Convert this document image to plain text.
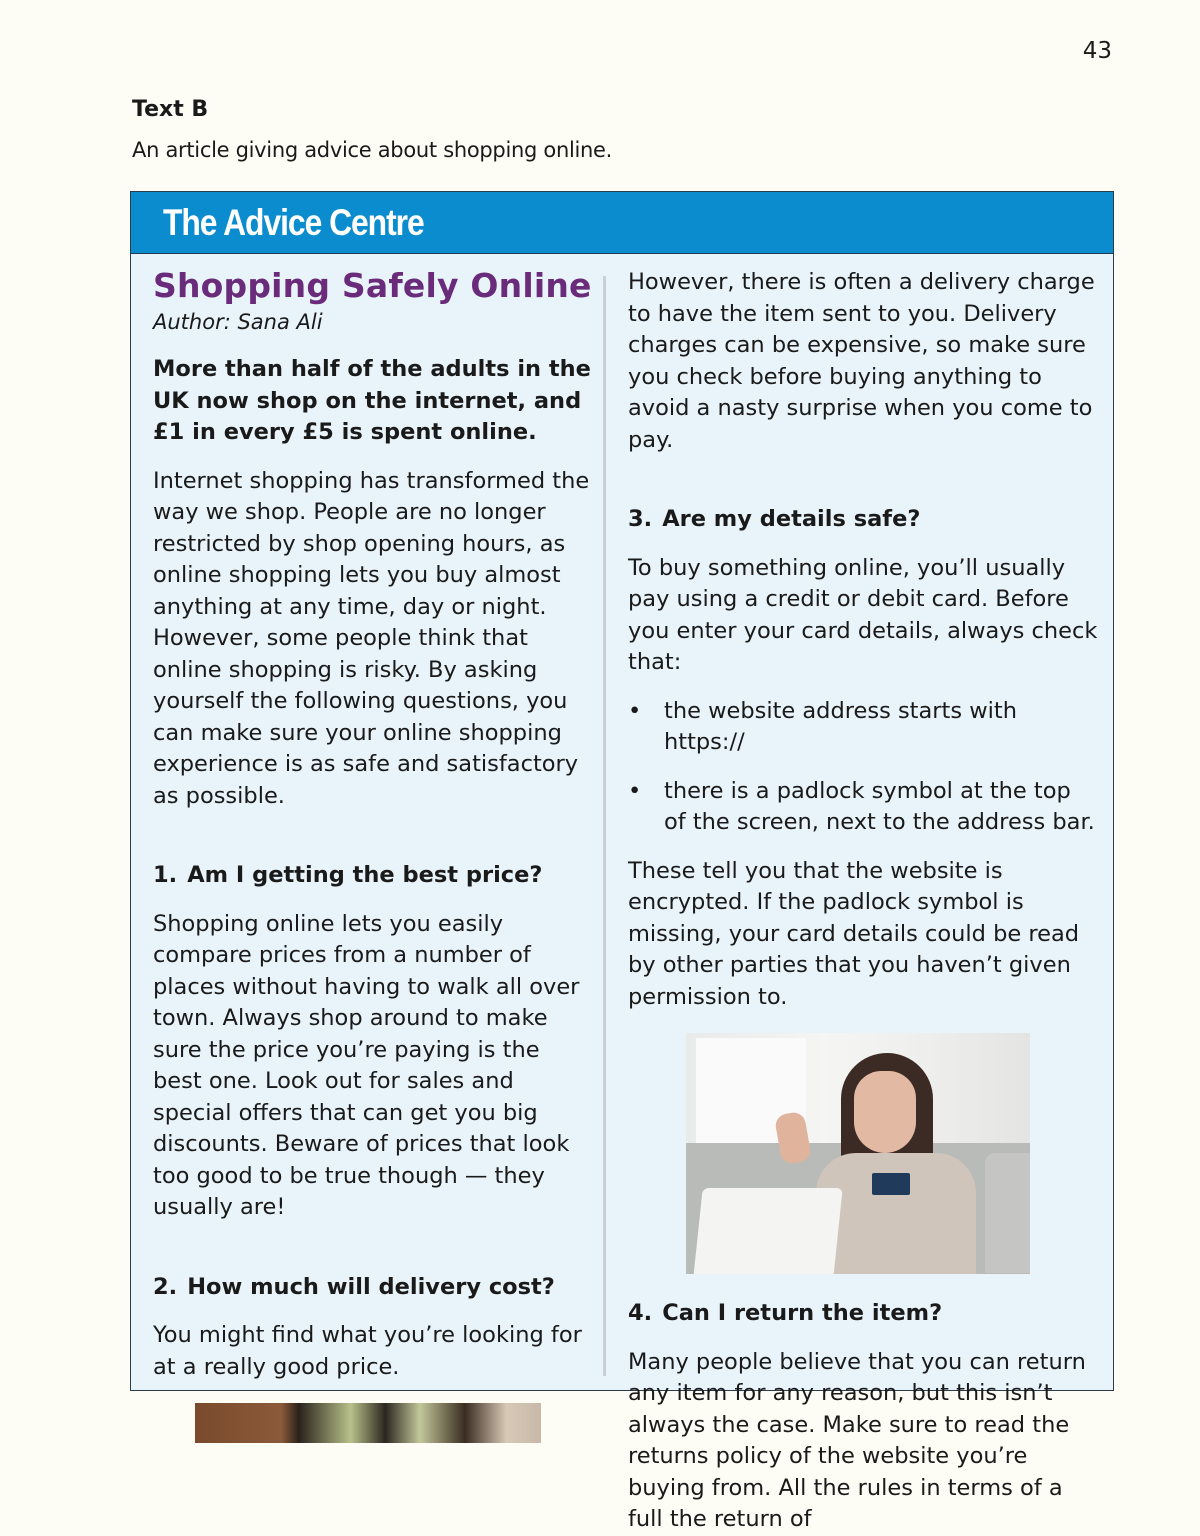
43
Text B
An article giving advice about shopping online.
The Advice Centre
Shopping Safely Online
Author: Sana Ali

More than half of the adults in the UK now shop on the internet, and £1 in every £5 is spent online.

Internet shopping has transformed the way we shop. People are no longer restricted by shop opening hours, as online shopping lets you buy almost anything at any time, day or night. However, some people think that online shopping is risky. By asking yourself the following questions, you can make sure your online shopping experience is as safe and satisfactory as possible.

1. Am I getting the best price?

Shopping online lets you easily compare prices from a number of places without having to walk all over town. Always shop around to make sure the price you’re paying is the best one. Look out for sales and special offers that can get you big discounts. Beware of prices that look too good to be true though — they usually are!

2. How much will delivery cost?

You might find what you’re looking for at a really good price.

However, there is often a delivery charge to have the item sent to you. Delivery charges can be expensive, so make sure you check before buying anything to avoid a nasty surprise when you come to pay.

3. Are my details safe?

To buy something online, you’ll usually pay using a credit or debit card. Before you enter your card details, always check that:

• the website address starts with https://
• there is a padlock symbol at the top of the screen, next to the address bar.

These tell you that the website is encrypted. If the padlock symbol is missing, your card details could be read by other parties that you haven’t given permission to.

4. Can I return the item?

Many people believe that you can return any item for any reason, but this isn’t always the case. Make sure to read the returns policy of the website you’re buying from. All the rules in terms of a full the return of
